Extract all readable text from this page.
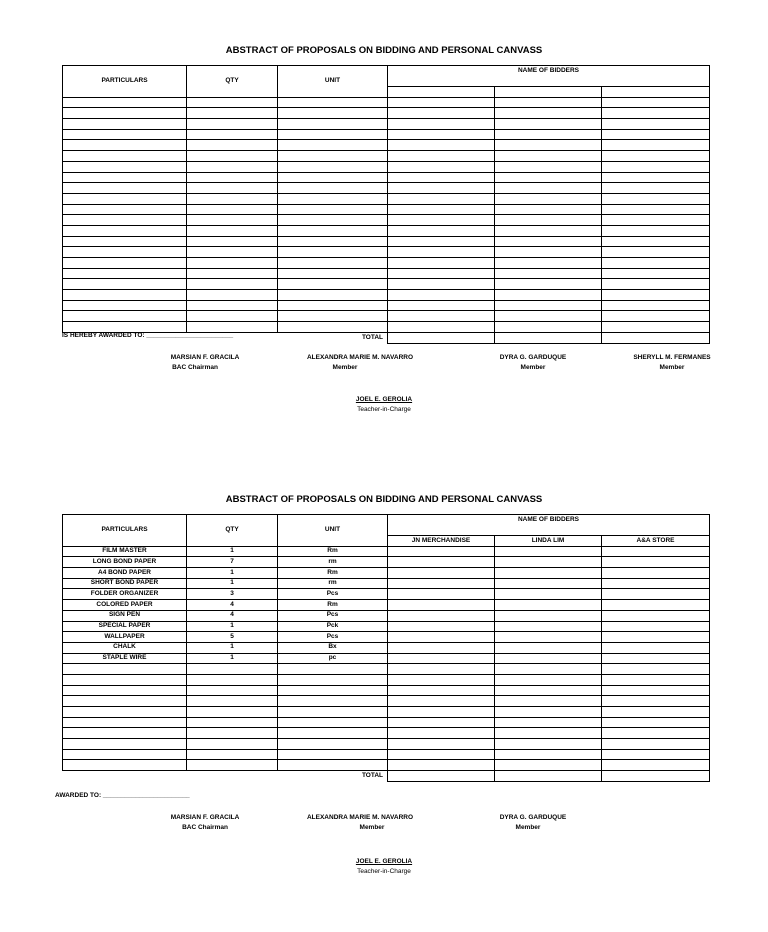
ABSTRACT OF PROPOSALS ON BIDDING AND PERSONAL CANVASS
PARTICULARS	QTY	UNIT	NAME OF BIDDERS		

TOTAL					
IS HEREBY AWARDED TO: ________________________
MARSIAN F. GRACILA
BAC Chairman
ALEXANDRA MARIE M. NAVARRO
Member
DYRA G. GARDUQUE
Member
SHERYLL M. FERMANES
Member
JOEL E. GEROLIA
Teacher-in-Charge
ABSTRACT OF PROPOSALS ON BIDDING AND PERSONAL CANVASS
PARTICULARS	QTY	UNIT	NAME OF BIDDERS		
			JN MERCHANDISE	LINDA LIM	A&A STORE
FILM MASTER	1	Rm			
LONG BOND PAPER	7	rm			
A4 BOND PAPER	1	Rm			
SHORT BOND PAPER	1	rm			
FOLDER ORGANIZER	3	Pcs			
COLORED PAPER	4	Rm			
SIGN PEN	4	Pcs			
SPECIAL PAPER	1	Pck			
WALLPAPER	5	Pcs			
CHALK	1	Bx			
STAPLE WIRE	1	pc			

TOTAL					
AWARDED TO: ________________________
MARSIAN F. GRACILA
BAC Chairman
ALEXANDRA MARIE M. NAVARRO
Member
DYRA G. GARDUQUE
Member
JOEL E. GEROLIA
Teacher-in-Charge
